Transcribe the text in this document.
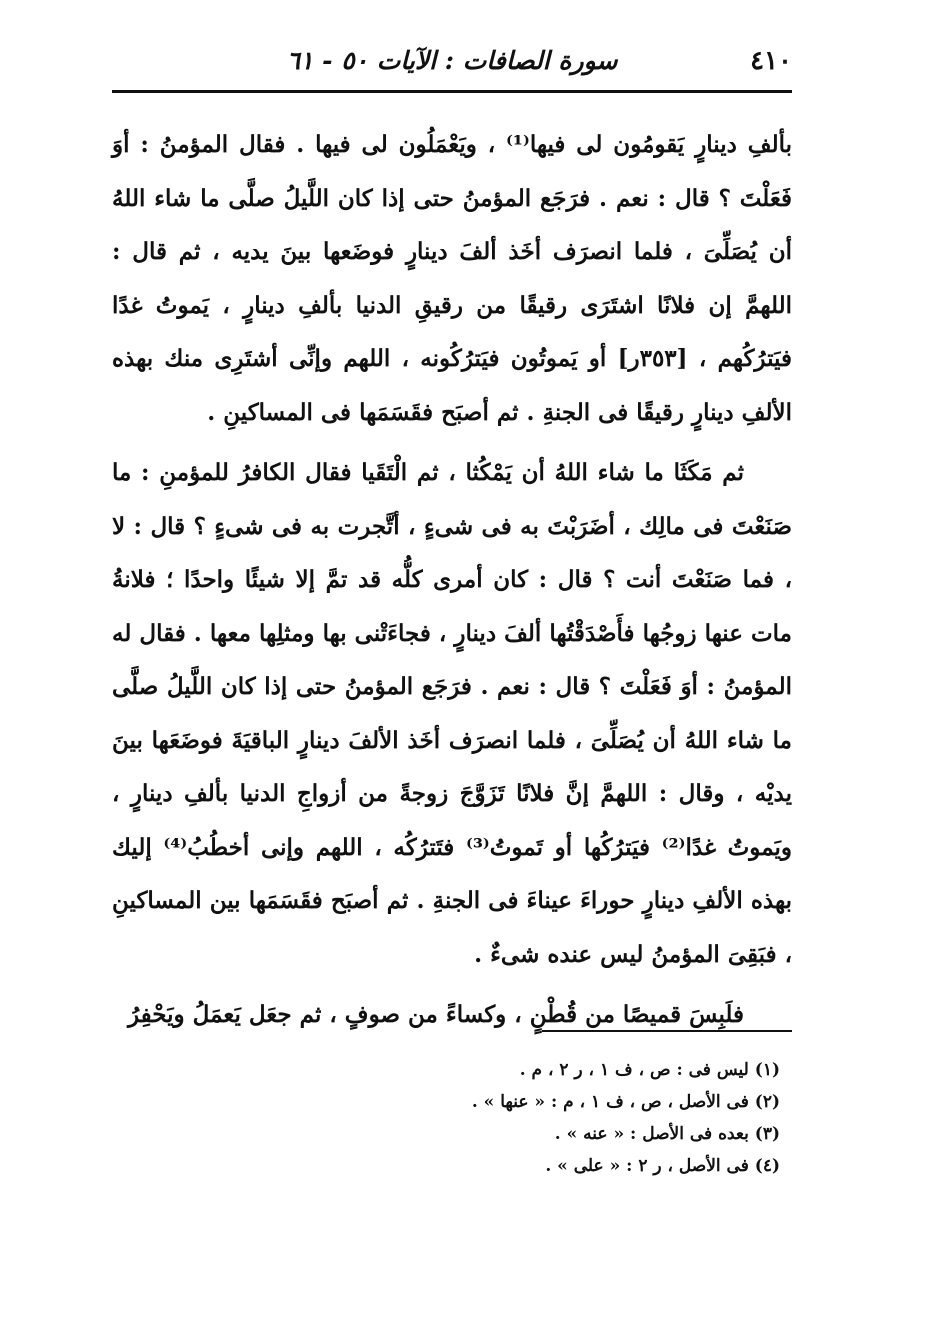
٤١٠
سورة الصافات : الآيات ٥٠ - ٦١

بألفِ دينارٍ يَقومُون لى فيها⁽¹⁾ ، ويَعْمَلُون لى فيها . فقال المؤمنُ : أوَ فَعَلْتَ ؟ قال : نعم . فرَجَع المؤمنُ حتى إذا كان اللَّيلُ صلَّى ما شاء اللهُ أن يُصَلِّىَ ، فلما انصرَف أخَذ ألفَ دينارٍ فوضَعها بينَ يديه ، ثم قال : اللهمَّ إن فلانًا اشتَرَى رقيقًا من رقيقِ الدنيا بألفِ دينارٍ ، يَموتُ غدًا فيَترُكُهم ، [٣٥٣ر] أو يَموتُون فيَترُكُونه ، اللهم وإنِّى أشتَرِى منك بهذه الألفِ دينارٍ رقيقًا فى الجنةِ . ثم أصبَح فقَسَمَها فى المساكينِ .

ثم مَكَثَا ما شاء اللهُ أن يَمْكُثا ، ثم الْتَقَيا فقال الكافرُ للمؤمنِ : ما صَنَعْتَ فى مالِك ، أضَرَبْتَ به فى شىءٍ ، أتَّجرت به فى شىءٍ ؟ قال : لا ، فما صَنَعْتَ أنت ؟ قال : كان أمرى كلُّه قد تمَّ إلا شيئًا واحدًا ؛ فلانةُ مات عنها زوجُها فأَصْدَقْتُها ألفَ دينارٍ ، فجاءَتْنى بها ومثلِها معها . فقال له المؤمنُ : أوَ فَعَلْتَ ؟ قال : نعم . فرَجَع المؤمنُ حتى إذا كان اللَّيلُ صلَّى ما شاء اللهُ أن يُصَلِّىَ ، فلما انصرَف أخَذ الألفَ دينارٍ الباقيَةَ فوضَعَها بينَ يديْه ، وقال : اللهمَّ إنَّ فلانًا تَزَوَّجَ زوجةً من أزواجِ الدنيا بألفِ دينارٍ ، ويَموتُ غدًا⁽²⁾ فيَترُكُها أو تَموتُ⁽³⁾ فتَترُكُه ، اللهم وإنى أخطُبُ⁽⁴⁾ إليك بهذه الألفِ دينارٍ حوراءَ عيناءَ فى الجنةِ . ثم أصبَح فقَسَمَها بين المساكينِ ، فبَقِىَ المؤمنُ ليس عنده شىءٌ .

فلَبِسَ قميصًا من قُطْنٍ ، وكساءً من صوفٍ ، ثم جعَل يَعمَلُ ويَحْفِرُ

(١) ليس فى : ص ، ف ١ ، ر ٢ ، م .
(٢) فى الأصل ، ص ، ف ١ ، م : « عنها » .
(٣) بعده فى الأصل : « عنه » .
(٤) فى الأصل ، ر ٢ : « على » .
